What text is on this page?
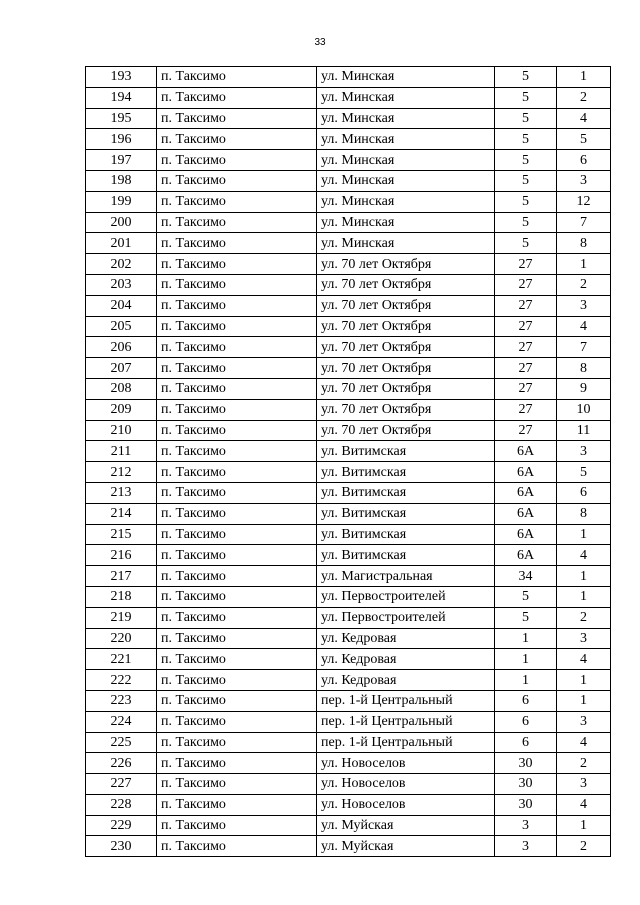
33
193	п. Таксимо	ул. Минская	5	1
194	п. Таксимо	ул. Минская	5	2
195	п. Таксимо	ул. Минская	5	4
196	п. Таксимо	ул. Минская	5	5
197	п. Таксимо	ул. Минская	5	6
198	п. Таксимо	ул. Минская	5	3
199	п. Таксимо	ул. Минская	5	12
200	п. Таксимо	ул. Минская	5	7
201	п. Таксимо	ул. Минская	5	8
202	п. Таксимо	ул. 70 лет Октября	27	1
203	п. Таксимо	ул. 70 лет Октября	27	2
204	п. Таксимо	ул. 70 лет Октября	27	3
205	п. Таксимо	ул. 70 лет Октября	27	4
206	п. Таксимо	ул. 70 лет Октября	27	7
207	п. Таксимо	ул. 70 лет Октября	27	8
208	п. Таксимо	ул. 70 лет Октября	27	9
209	п. Таксимо	ул. 70 лет Октября	27	10
210	п. Таксимо	ул. 70 лет Октября	27	11
211	п. Таксимо	ул. Витимская	6А	3
212	п. Таксимо	ул. Витимская	6А	5
213	п. Таксимо	ул. Витимская	6А	6
214	п. Таксимо	ул. Витимская	6А	8
215	п. Таксимо	ул. Витимская	6А	1
216	п. Таксимо	ул. Витимская	6А	4
217	п. Таксимо	ул. Магистральная	34	1
218	п. Таксимо	ул. Первостроителей	5	1
219	п. Таксимо	ул. Первостроителей	5	2
220	п. Таксимо	ул. Кедровая	1	3
221	п. Таксимо	ул. Кедровая	1	4
222	п. Таксимо	ул. Кедровая	1	1
223	п. Таксимо	пер. 1-й Центральный	6	1
224	п. Таксимо	пер. 1-й Центральный	6	3
225	п. Таксимо	пер. 1-й Центральный	6	4
226	п. Таксимо	ул. Новоселов	30	2
227	п. Таксимо	ул. Новоселов	30	3
228	п. Таксимо	ул. Новоселов	30	4
229	п. Таксимо	ул. Муйская	3	1
230	п. Таксимо	ул. Муйская	3	2
